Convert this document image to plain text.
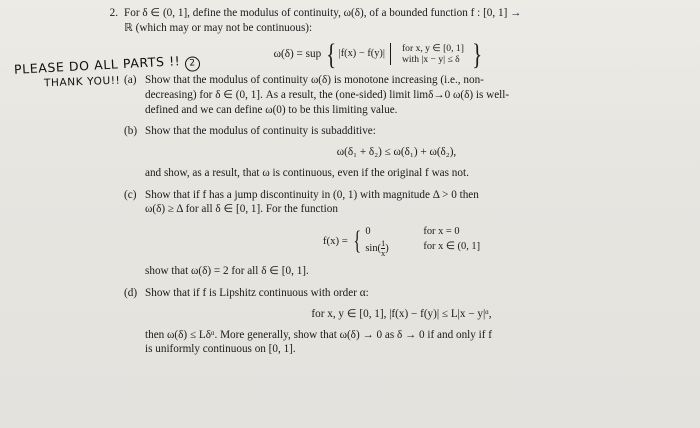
2. For δ ∈ (0, 1], define the modulus of continuity, ω(δ), of a bounded function f : [0, 1] →
ℝ (which may or may not be continuous):
ω(δ) = sup { |f(x) − f(y)|
for x, y ∈ [0, 1]
with |x − y| ≤ δ }
(a) Show that the modulus of continuity ω(δ) is monotone increasing (i.e., non-
decreasing) for δ ∈ (0, 1]. As a result, the (one-sided) limit limδ→0 ω(δ) is well-
defined and we can define ω(0) to be this limiting value.
(b) Show that the modulus of continuity is subadditive:
ω(δ₁ + δ₂) ≤ ω(δ₁) + ω(δ₂),
and show, as a result, that ω is continuous, even if the original f was not.
(c) Show that if f has a jump discontinuity in (0, 1) with magnitude Δ > 0 then
ω(δ) ≥ Δ for all δ ∈ [0, 1]. For the function
f(x) = { 0	for x = 0
$\sin( \frac{1}{x}$ )	for x ∈ (0, 1]
show that ω(δ) = 2 for all δ ∈ [0, 1].
(d) Show that if f is Lipshitz continuous with order α:
for x, y ∈ [0, 1], |f(x) − f(y)| ≤ L|x − y|ᵅ,
then ω(δ) ≤ Lδᵅ. More generally, show that ω(δ) → 0 as δ → 0 if and only if f
is uniformly continuous on [0, 1].
PLEASE DO ALL PARTS !! 2
THANK YOU!!
